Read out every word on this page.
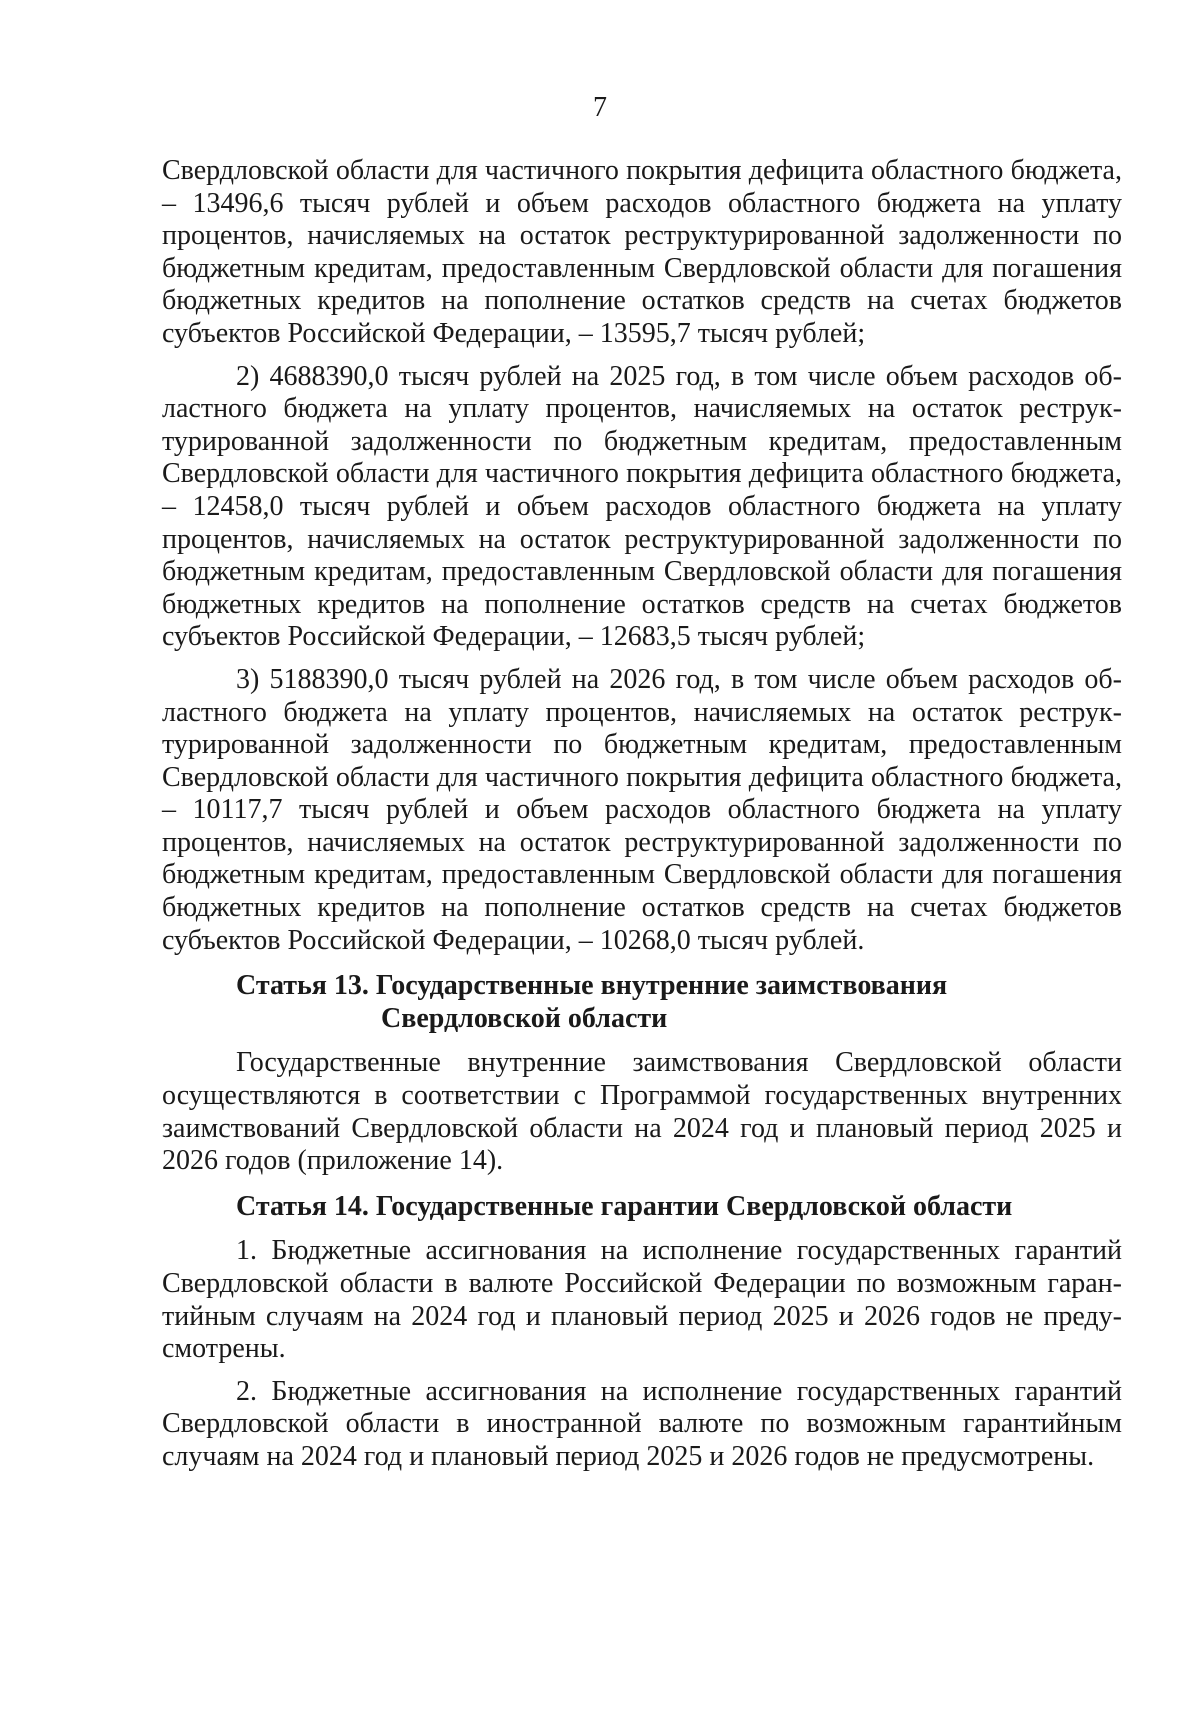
7

Свердловской области для частичного покрытия дефицита областного бюджета, – 13496,6 тысяч рублей и объем расходов областного бюджета на уплату процентов, начисляемых на остаток реструктурированной задолженности по бюджетным кредитам, предоставленным Свердловской области для погашения бюджетных кредитов на пополнение остатков средств на счетах бюджетов субъектов Российской Федерации, – 13595,7 тысяч рублей;

2) 4688390,0 тысяч рублей на 2025 год, в том числе объем расходов областного бюджета на уплату процентов, начисляемых на остаток реструктурированной задолженности по бюджетным кредитам, предоставленным Свердловской области для частичного покрытия дефицита областного бюджета, – 12458,0 тысяч рублей и объем расходов областного бюджета на уплату процентов, начисляемых на остаток реструктурированной задолженности по бюджетным кредитам, предоставленным Свердловской области для погашения бюджетных кредитов на пополнение остатков средств на счетах бюджетов субъектов Российской Федерации, – 12683,5 тысяч рублей;

3) 5188390,0 тысяч рублей на 2026 год, в том числе объем расходов областного бюджета на уплату процентов, начисляемых на остаток реструктурированной задолженности по бюджетным кредитам, предоставленным Свердловской области для частичного покрытия дефицита областного бюджета, – 10117,7 тысяч рублей и объем расходов областного бюджета на уплату процентов, начисляемых на остаток реструктурированной задолженности по бюджетным кредитам, предоставленным Свердловской области для погашения бюджетных кредитов на пополнение остатков средств на счетах бюджетов субъектов Российской Федерации, – 10268,0 тысяч рублей.

Статья 13. Государственные внутренние заимствования
Свердловской области

Государственные внутренние заимствования Свердловской области осуществляются в соответствии с Программой государственных внутренних заимствований Свердловской области на 2024 год и плановый период 2025 и 2026 годов (приложение 14).

Статья 14. Государственные гарантии Свердловской области

1. Бюджетные ассигнования на исполнение государственных гарантий Свердловской области в валюте Российской Федерации по возможным гарантийным случаям на 2024 год и плановый период 2025 и 2026 годов не предусмотрены.

2. Бюджетные ассигнования на исполнение государственных гарантий Свердловской области в иностранной валюте по возможным гарантийным случаям на 2024 год и плановый период 2025 и 2026 годов не предусмотрены.
